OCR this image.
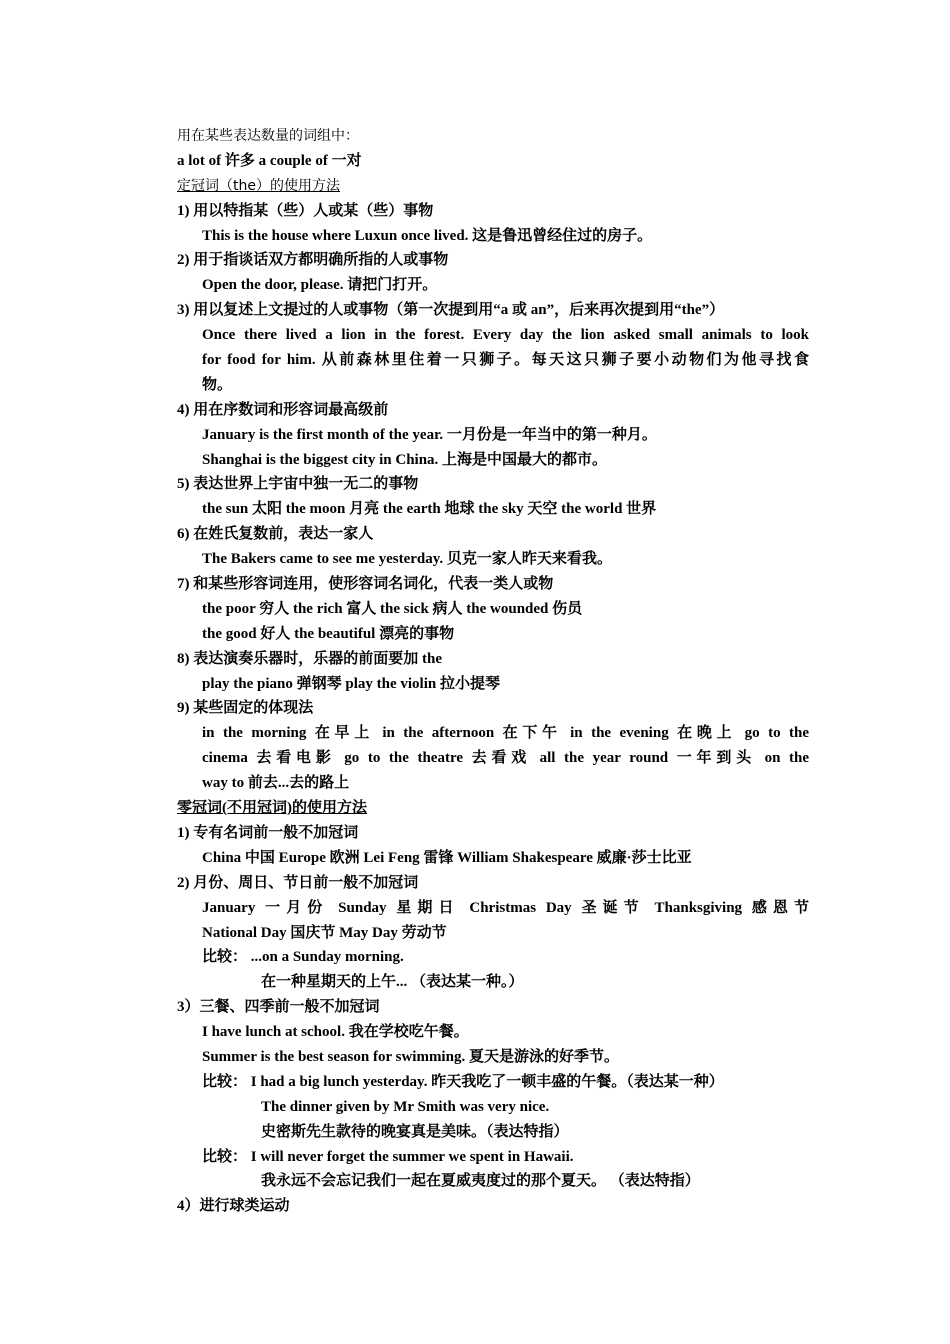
用在某些表达数量的词组中：
a lot of 许多 a couple of 一对
定冠词（the）的使用方法
1) 用以特指某（些）人或某（些）事物
This is the house where Luxun once lived. 这是鲁迅曾经住过的房子。
2) 用于指谈话双方都明确所指的人或事物
Open the door, please. 请把门打开。
3) 用以复述上文提过的人或事物（第一次提到用“a 或 an”，后来再次提到用“the”）
Once there lived a lion in the forest. Every day the lion asked small animals to look
for food for him. 从前森林里住着一只狮子。每天这只狮子要小动物们为他寻找食
物。
4) 用在序数词和形容词最高级前
January is the first month of the year. 一月份是一年当中的第一种月。
Shanghai is the biggest city in China. 上海是中国最大的都市。
5) 表达世界上宇宙中独一无二的事物
the sun 太阳 the moon 月亮 the earth 地球 the sky 天空 the world 世界
6) 在姓氏复数前，表达一家人
The Bakers came to see me yesterday. 贝克一家人昨天来看我。
7) 和某些形容词连用，使形容词名词化，代表一类人或物
the poor 穷人 the rich 富人 the sick 病人 the wounded 伤员
the good 好人 the beautiful 漂亮的事物
8) 表达演奏乐器时，乐器的前面要加 the
play the piano 弹钢琴 play the violin 拉小提琴
9) 某些固定的体现法
in the morning 在早上 in the afternoon 在下午 in the evening 在晚上 go to the
cinema 去看电影 go to the theatre 去看戏 all the year round 一年到头 on the
way to 前去...去的路上
零冠词(不用冠词)的使用方法
1) 专有名词前一般不加冠词
China 中国 Europe 欧洲 Lei Feng 雷锋 William Shakespeare 威廉·莎士比亚
2) 月份、周日、节日前一般不加冠词
January 一月份 Sunday 星期日 Christmas Day 圣诞节 Thanksgiving 感恩节
National Day 国庆节 May Day 劳动节
比较： ...on a Sunday morning.
在一种星期天的上午... （表达某一种。）
3）三餐、四季前一般不加冠词
I have lunch at school. 我在学校吃午餐。
Summer is the best season for swimming. 夏天是游泳的好季节。
比较： I had a big lunch yesterday. 昨天我吃了一顿丰盛的午餐。（表达某一种）
The dinner given by Mr Smith was very nice.
史密斯先生款待的晚宴真是美味。（表达特指）
比较： I will never forget the summer we spent in Hawaii.
我永远不会忘记我们一起在夏威夷度过的那个夏天。 （表达特指）
4）进行球类运动
